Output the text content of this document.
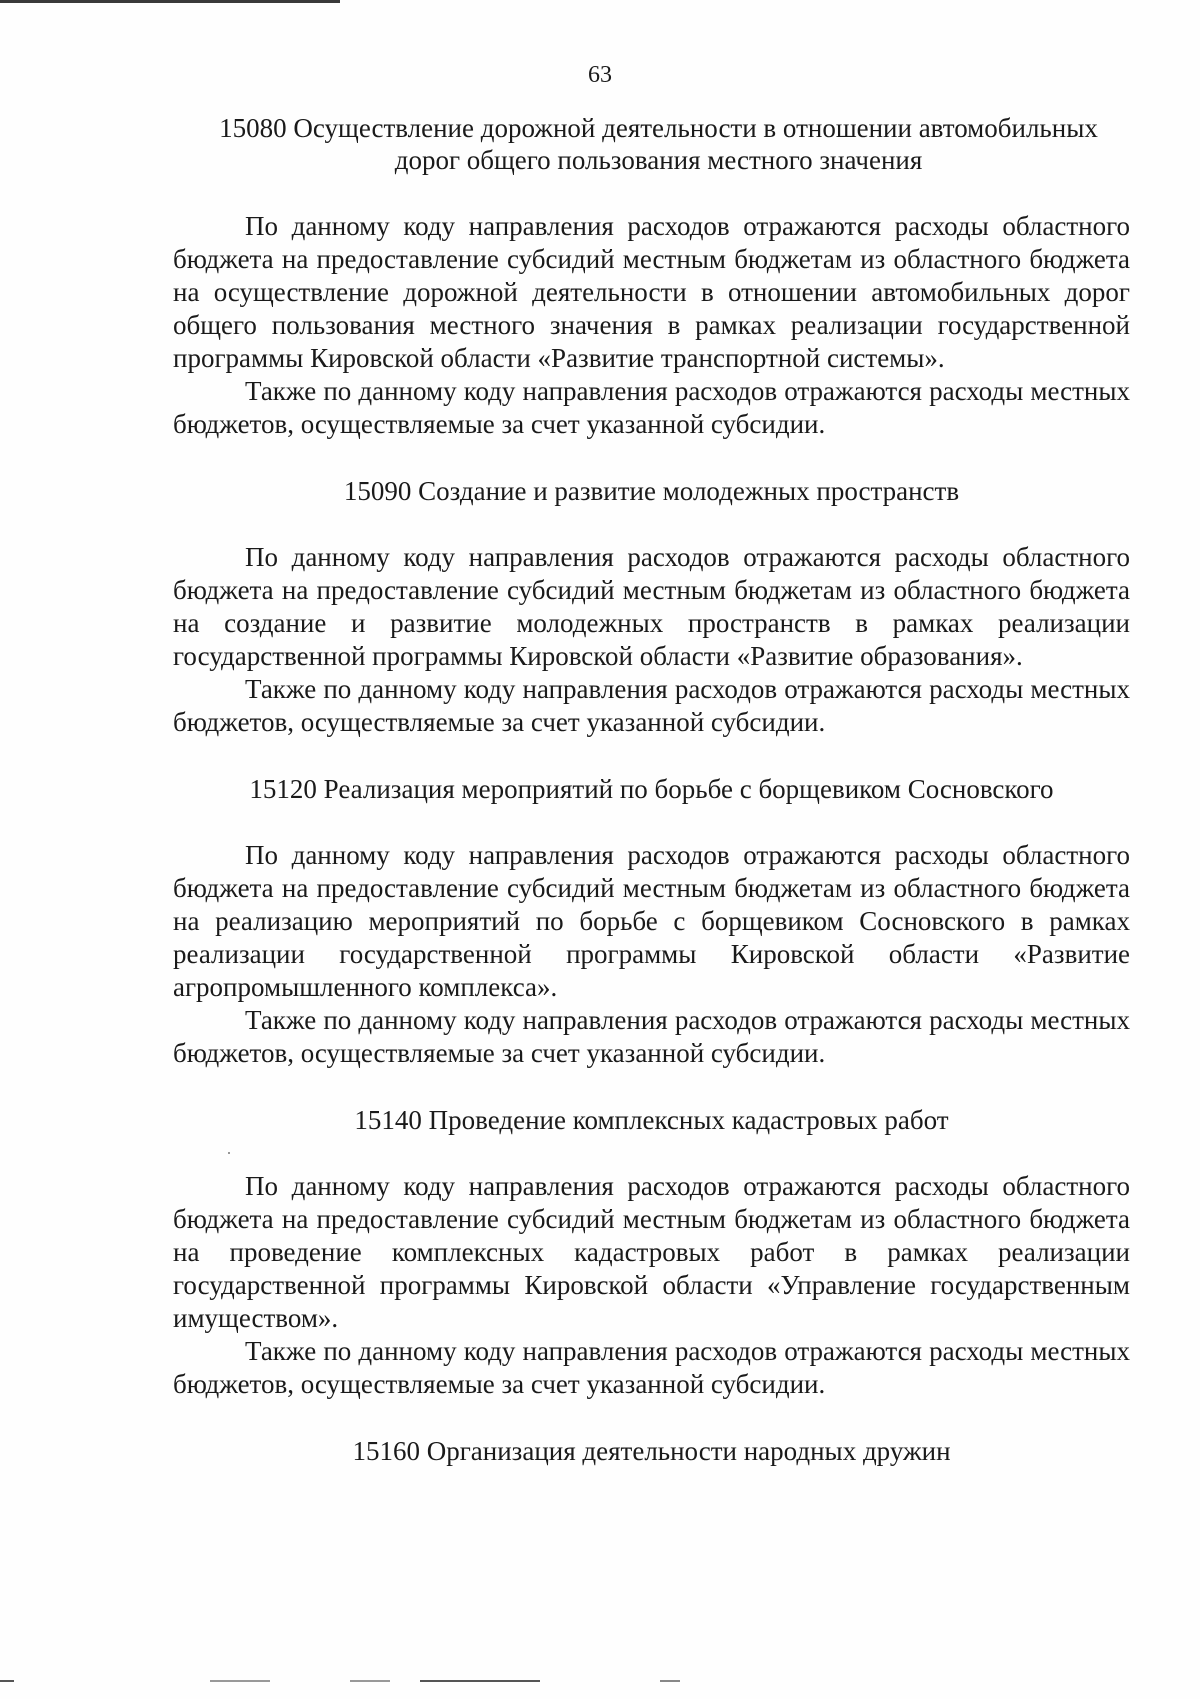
63

15080 Осуществление дорожной деятельности в отношении автомобильных дорог общего пользования местного значения

По данному коду направления расходов отражаются расходы областного бюджета на предоставление субсидий местным бюджетам из областного бюджета на осуществление дорожной деятельности в отношении автомобильных дорог общего пользования местного значения в рамках реализации государственной программы Кировской области «Развитие транспортной системы».

Также по данному коду направления расходов отражаются расходы местных бюджетов, осуществляемые за счет указанной субсидии.

15090 Создание и развитие молодежных пространств

По данному коду направления расходов отражаются расходы областного бюджета на предоставление субсидий местным бюджетам из областного бюджета на создание и развитие молодежных пространств в рамках реализации государственной программы Кировской области «Развитие образования».

Также по данному коду направления расходов отражаются расходы местных бюджетов, осуществляемые за счет указанной субсидии.

15120 Реализация мероприятий по борьбе с борщевиком Сосновского

По данному коду направления расходов отражаются расходы областного бюджета на предоставление субсидий местным бюджетам из областного бюджета на реализацию мероприятий по борьбе с борщевиком Сосновского в рамках реализации государственной программы Кировской области «Развитие агропромышленного комплекса».

Также по данному коду направления расходов отражаются расходы местных бюджетов, осуществляемые за счет указанной субсидии.

15140 Проведение комплексных кадастровых работ

По данному коду направления расходов отражаются расходы областного бюджета на предоставление субсидий местным бюджетам из областного бюджета на проведение комплексных кадастровых работ в рамках реализации государственной программы Кировской области «Управление государственным имуществом».

Также по данному коду направления расходов отражаются расходы местных бюджетов, осуществляемые за счет указанной субсидии.

15160 Организация деятельности народных дружин
